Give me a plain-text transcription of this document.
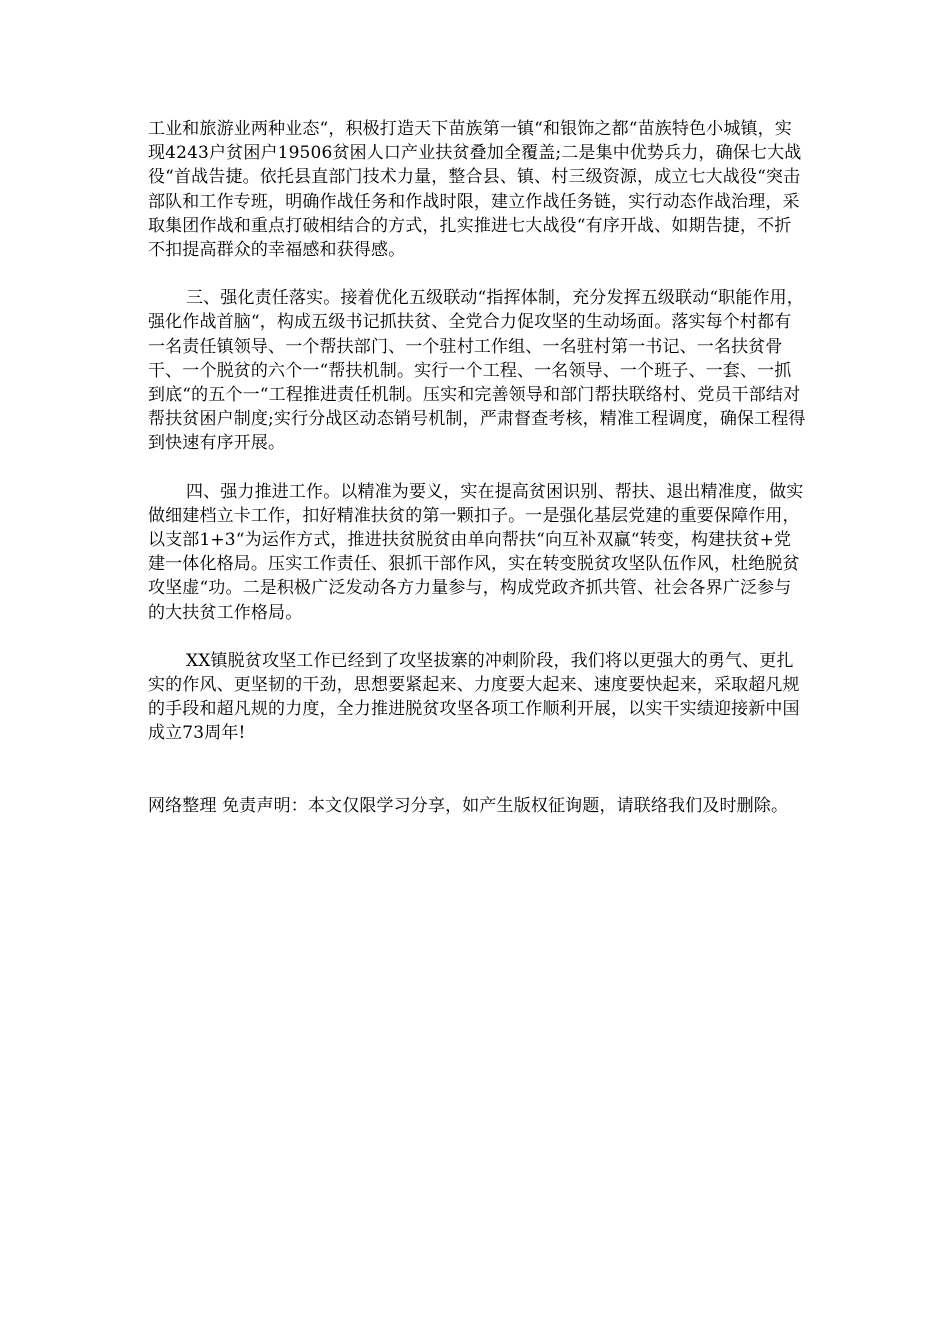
工业和旅游业两种业态“，积极打造天下苗族第一镇“和银饰之都“苗族特色小城镇，实现4243户贫困户19506贫困人口产业扶贫叠加全覆盖;二是集中优势兵力，确保七大战役“首战告捷。依托县直部门技术力量，整合县、镇、村三级资源，成立七大战役“突击部队和工作专班，明确作战任务和作战时限，建立作战任务链，实行动态作战治理，采取集团作战和重点打破相结合的方式，扎实推进七大战役“有序开战、如期告捷，不折不扣提高群众的幸福感和获得感。

三、强化责任落实。接着优化五级联动“指挥体制，充分发挥五级联动“职能作用，强化作战首脑“，构成五级书记抓扶贫、全党合力促攻坚的生动场面。落实每个村都有一名责任镇领导、一个帮扶部门、一个驻村工作组、一名驻村第一书记、一名扶贫骨干、一个脱贫的六个一“帮扶机制。实行一个工程、一名领导、一个班子、一套、一抓到底“的五个一“工程推进责任机制。压实和完善领导和部门帮扶联络村、党员干部结对帮扶贫困户制度;实行分战区动态销号机制，严肃督查考核，精准工程调度，确保工程得到快速有序开展。

四、强力推进工作。以精准为要义，实在提高贫困识别、帮扶、退出精准度，做实做细建档立卡工作，扣好精准扶贫的第一颗扣子。一是强化基层党建的重要保障作用，以支部1+3“为运作方式，推进扶贫脱贫由单向帮扶“向互补双赢“转变，构建扶贫+党建一体化格局。压实工作责任、狠抓干部作风，实在转变脱贫攻坚队伍作风，杜绝脱贫攻坚虚“功。二是积极广泛发动各方力量参与，构成党政齐抓共管、社会各界广泛参与的大扶贫工作格局。

XX镇脱贫攻坚工作已经到了攻坚拔寨的冲刺阶段，我们将以更强大的勇气、更扎实的作风、更坚韧的干劲，思想要紧起来、力度要大起来、速度要快起来，采取超凡规的手段和超凡规的力度，全力推进脱贫攻坚各项工作顺利开展，以实干实绩迎接新中国成立73周年!

网络整理 免责声明：本文仅限学习分享，如产生版权征询题，请联络我们及时删除。
